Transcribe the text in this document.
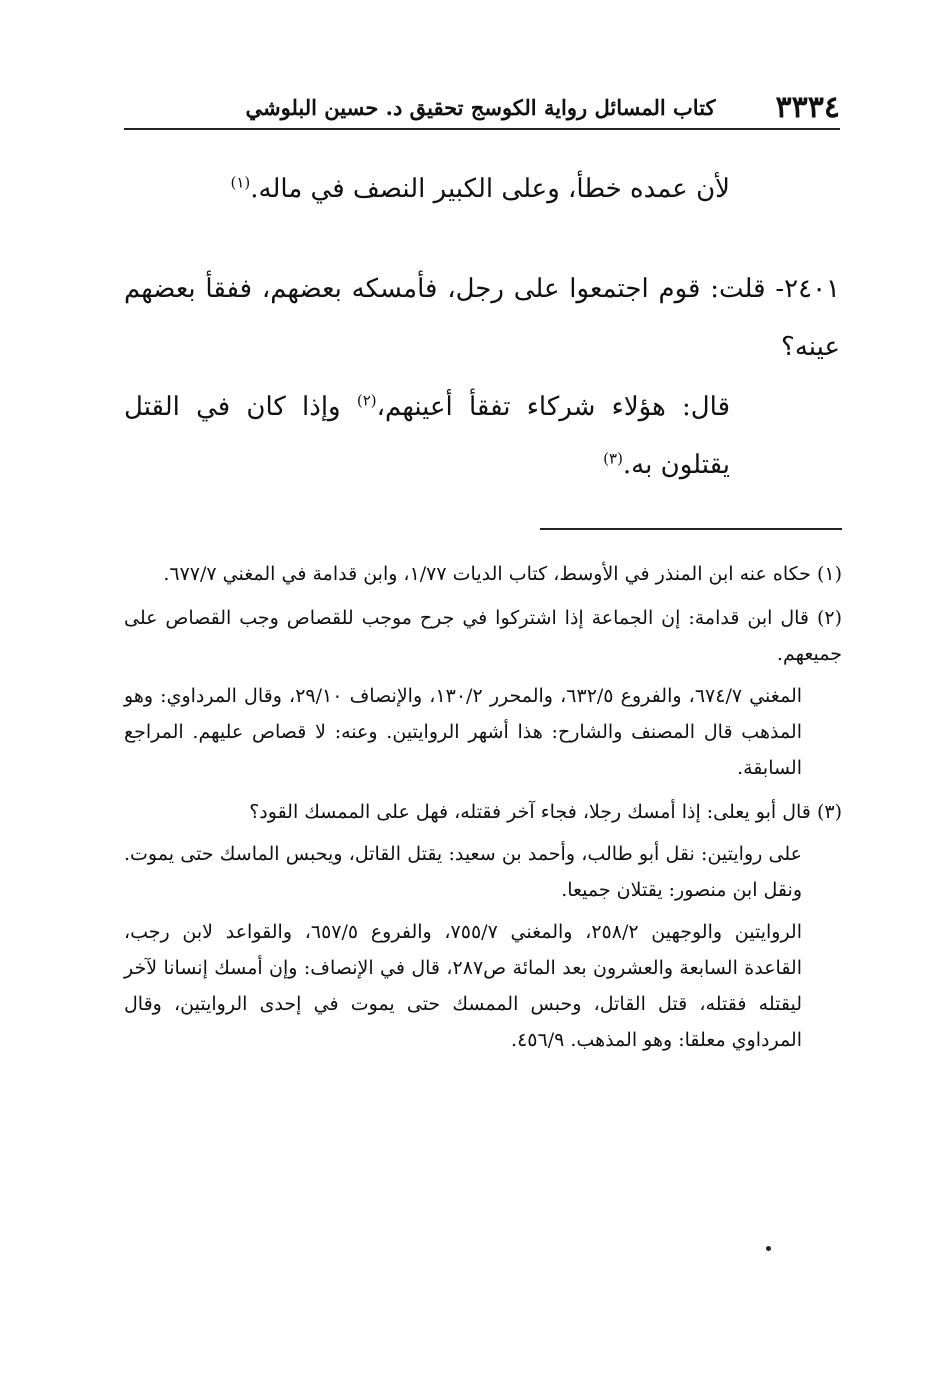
٣٣٣٤
كتاب المسائل رواية الكوسج تحقيق د. حسين البلوشي
لأن عمده خطأ، وعلى الكبير النصف في ماله.$^{(١)}$
٢٤٠١- قلت: قوم اجتمعوا على رجل، فأمسكه بعضهم، ففقأ بعضهم عينه؟
قال: هؤلاء شركاء تفقأ أعينهم،$^{(٢)}$ وإذا كان في القتل يقتلون به.$^{(٣)}$
(١) حكاه عنه ابن المنذر في الأوسط، كتاب الديات ١/٧٧، وابن قدامة في المغني ٦٧٧/٧.
(٢) قال ابن قدامة: إن الجماعة إذا اشتركوا في جرح موجب للقصاص وجب القصاص على جميعهم.
المغني ٦٧٤/٧، والفروع ٦٣٢/٥، والمحرر ١٣٠/٢، والإنصاف ٢٩/١٠، وقال المرداوي: وهو المذهب قال المصنف والشارح: هذا أشهر الروايتين. وعنه: لا قصاص عليهم. المراجع السابقة.
(٣) قال أبو يعلى: إذا أمسك رجلا، فجاء آخر فقتله، فهل على الممسك القود؟
على روايتين: نقل أبو طالب، وأحمد بن سعيد: يقتل القاتل، ويحبس الماسك حتى يموت. ونقل ابن منصور: يقتلان جميعا.
الروايتين والوجهين ٢٥٨/٢، والمغني ٧٥٥/٧، والفروع ٦٥٧/٥، والقواعد لابن رجب، القاعدة السابعة والعشرون بعد المائة ص٢٨٧، قال في الإنصاف: وإن أمسك إنسانا لآخر ليقتله فقتله، قتل القاتل، وحبس الممسك حتى يموت في إحدى الروايتين، وقال المرداوي معلقا: وهو المذهب. ٤٥٦/٩.
